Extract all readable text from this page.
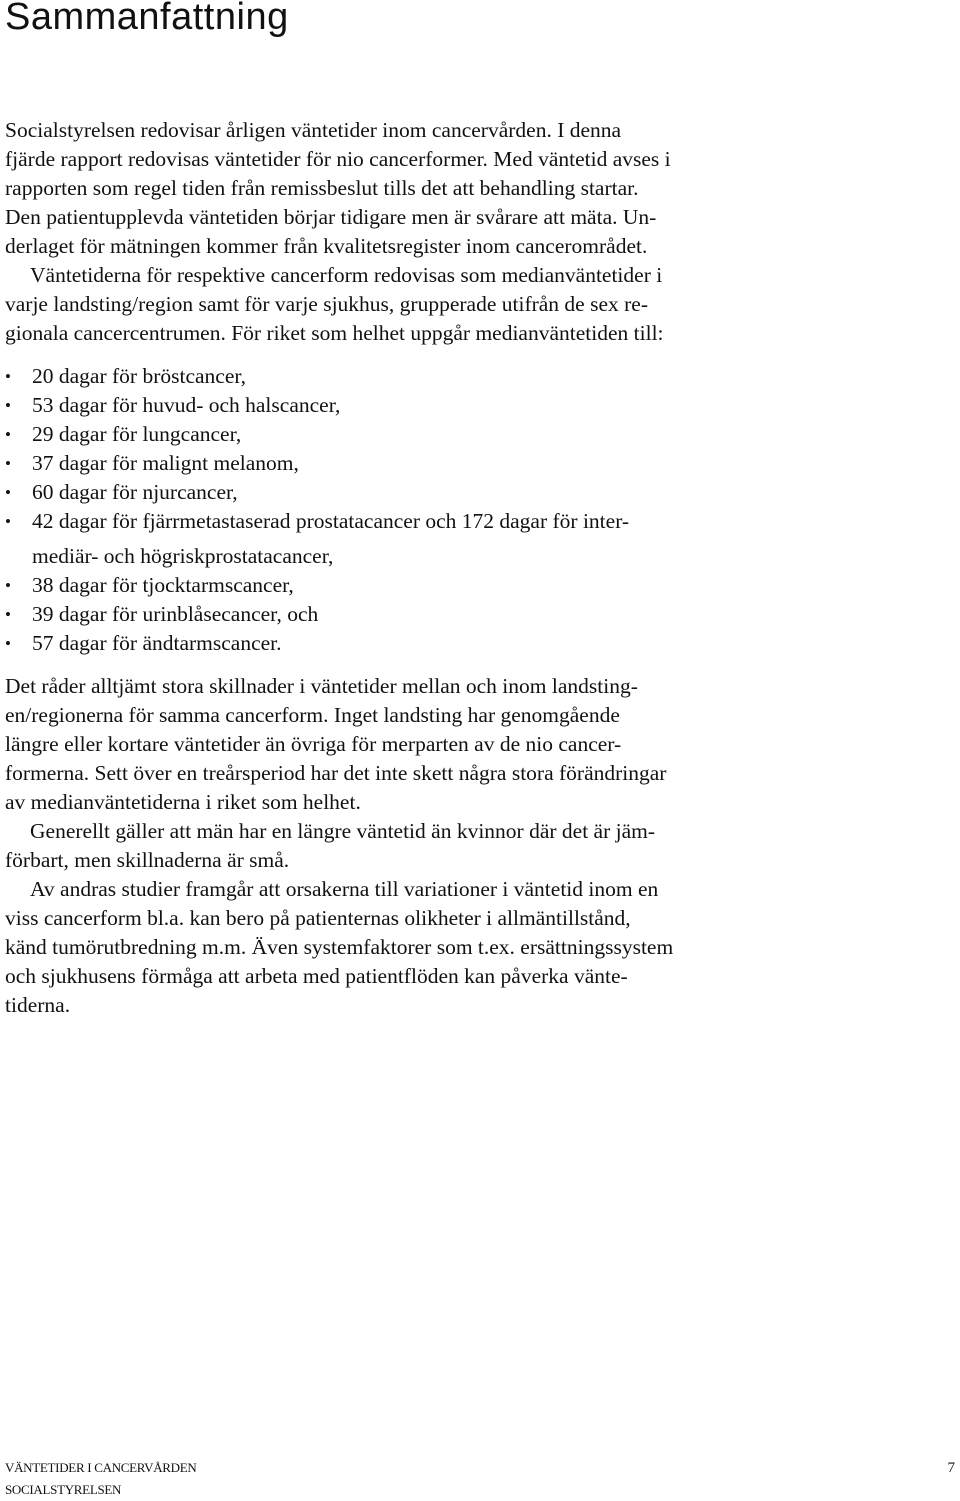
Sammanfattning
Socialstyrelsen redovisar årligen väntetider inom cancervården. I denna
fjärde rapport redovisas väntetider för nio cancerformer. Med väntetid avses i
rapporten som regel tiden från remissbeslut tills det att behandling startar.
Den patientupplevda väntetiden börjar tidigare men är svårare att mäta. Un-
derlaget för mätningen kommer från kvalitetsregister inom cancerområdet.
Väntetiderna för respektive cancerform redovisas som medianväntetider i
varje landsting/region samt för varje sjukhus, grupperade utifrån de sex re-
gionala cancercentrumen. För riket som helhet uppgår medianväntetiden till:
• 20 dagar för bröstcancer,
• 53 dagar för huvud- och halscancer,
• 29 dagar för lungcancer,
• 37 dagar för malignt melanom,
• 60 dagar för njurcancer,
• 42 dagar för fjärrmetastaserad prostatacancer och 172 dagar för inter-
mediär- och högriskprostatacancer,
• 38 dagar för tjocktarmscancer,
• 39 dagar för urinblåsecancer, och
• 57 dagar för ändtarmscancer.
Det råder alltjämt stora skillnader i väntetider mellan och inom landsting-
en/regionerna för samma cancerform. Inget landsting har genomgående
längre eller kortare väntetider än övriga för merparten av de nio cancer-
formerna. Sett över en treårsperiod har det inte skett några stora förändringar
av medianväntetiderna i riket som helhet.
Generellt gäller att män har en längre väntetid än kvinnor där det är jäm-
förbart, men skillnaderna är små.
Av andras studier framgår att orsakerna till variationer i väntetid inom en
viss cancerform bl.a. kan bero på patienternas olikheter i allmäntillstånd,
känd tumörutbredning m.m. Även systemfaktorer som t.ex. ersättningssystem
och sjukhusens förmåga att arbeta med patientflöden kan påverka vänte-
tiderna.
VÄNTETIDER I CANCERVÅRDEN
SOCIALSTYRELSEN
7
